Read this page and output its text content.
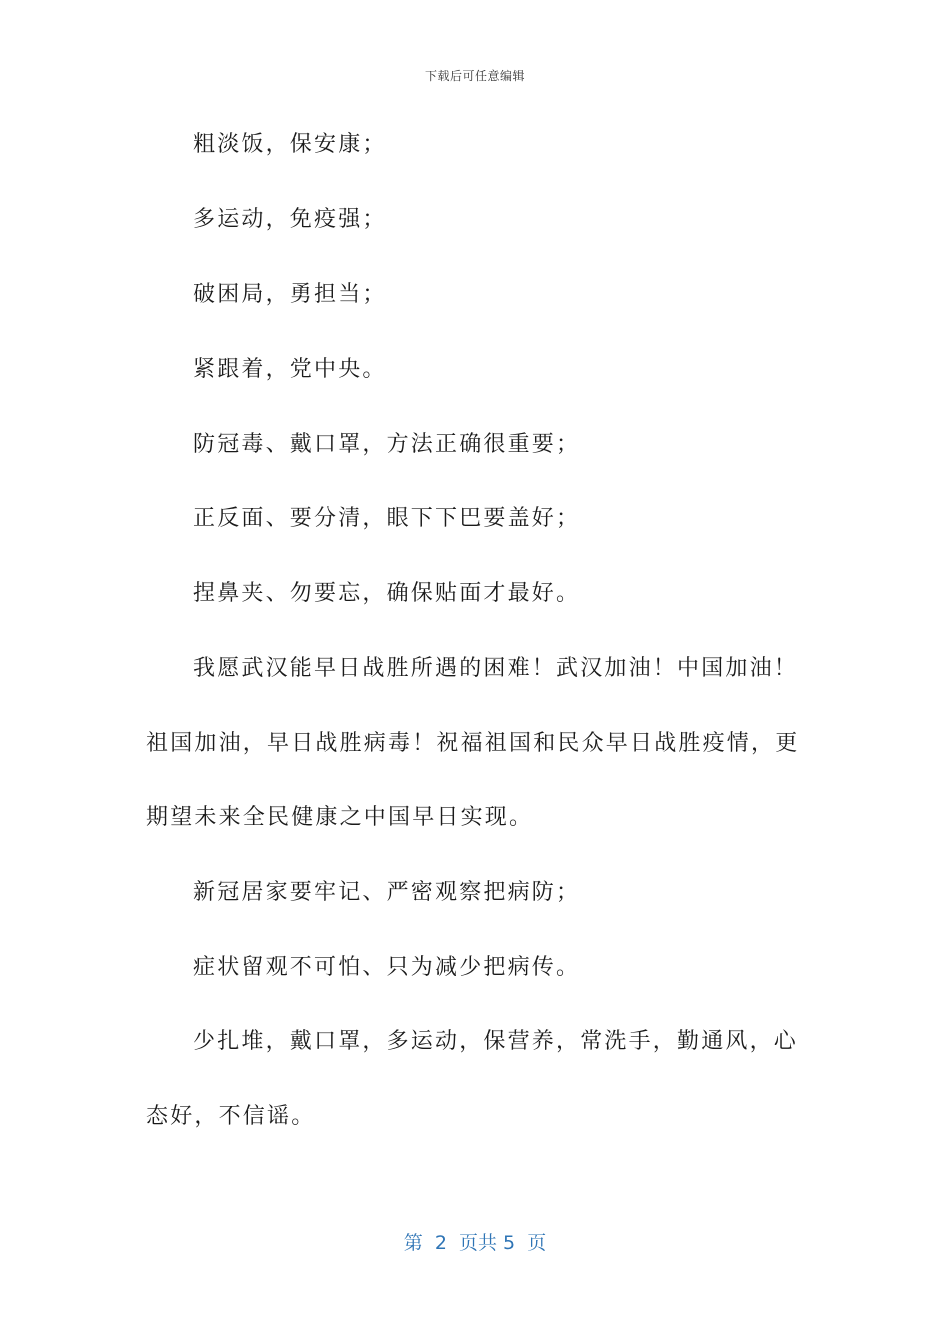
下载后可任意编辑
粗淡饭，保安康；
多运动，免疫强；
破困局，勇担当；
紧跟着，党中央。
防冠毒、戴口罩，方法正确很重要；
正反面、要分清，眼下下巴要盖好；
捏鼻夹、勿要忘，确保贴面才最好。
我愿武汉能早日战胜所遇的困难！武汉加油！中国加油！
祖国加油，早日战胜病毒！祝福祖国和民众早日战胜疫情，更
期望未来全民健康之中国早日实现。
新冠居家要牢记、严密观察把病防；
症状留观不可怕、只为减少把病传。
少扎堆，戴口罩，多运动，保营养，常洗手，勤通风，心
态好，不信谣。
第  2  页共 5  页
